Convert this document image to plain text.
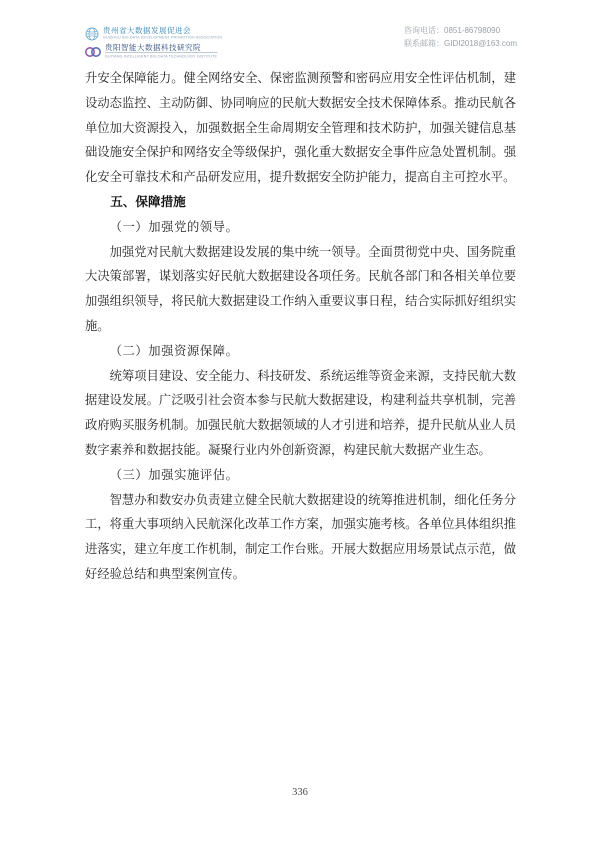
贵州省大数据发展促进会
GUIZHOU BIG DATA DEVELOPMENT PROMOTION ASSOCIATION
贵阳智能大数据科技研究院
GUIYANG INTELLIGENT BIG DATA TECHNOLOGY INSTITUTE
咨询电话：0851-86798090
联系邮箱：GIDI2018@163.com

升安全保障能力。健全网络安全、保密监测预警和密码应用安全性评估机制，建设动态监控、主动防御、协同响应的民航大数据安全技术保障体系。推动民航各单位加大资源投入，加强数据全生命周期安全管理和技术防护，加强关键信息基础设施安全保护和网络安全等级保护，强化重大数据安全事件应急处置机制。强化安全可靠技术和产品研发应用，提升数据安全防护能力，提高自主可控水平。

五、保障措施
（一）加强党的领导。

加强党对民航大数据建设发展的集中统一领导。全面贯彻党中央、国务院重大决策部署，谋划落实好民航大数据建设各项任务。民航各部门和各相关单位要加强组织领导，将民航大数据建设工作纳入重要议事日程，结合实际抓好组织实施。

（二）加强资源保障。

统筹项目建设、安全能力、科技研发、系统运维等资金来源，支持民航大数据建设发展。广泛吸引社会资本参与民航大数据建设，构建利益共享机制，完善政府购买服务机制。加强民航大数据领域的人才引进和培养，提升民航从业人员数字素养和数据技能。凝聚行业内外创新资源，构建民航大数据产业生态。

（三）加强实施评估。

智慧办和数安办负责建立健全民航大数据建设的统筹推进机制，细化任务分工，将重大事项纳入民航深化改革工作方案，加强实施考核。各单位具体组织推进落实，建立年度工作机制，制定工作台账。开展大数据应用场景试点示范，做好经验总结和典型案例宣传。

336
